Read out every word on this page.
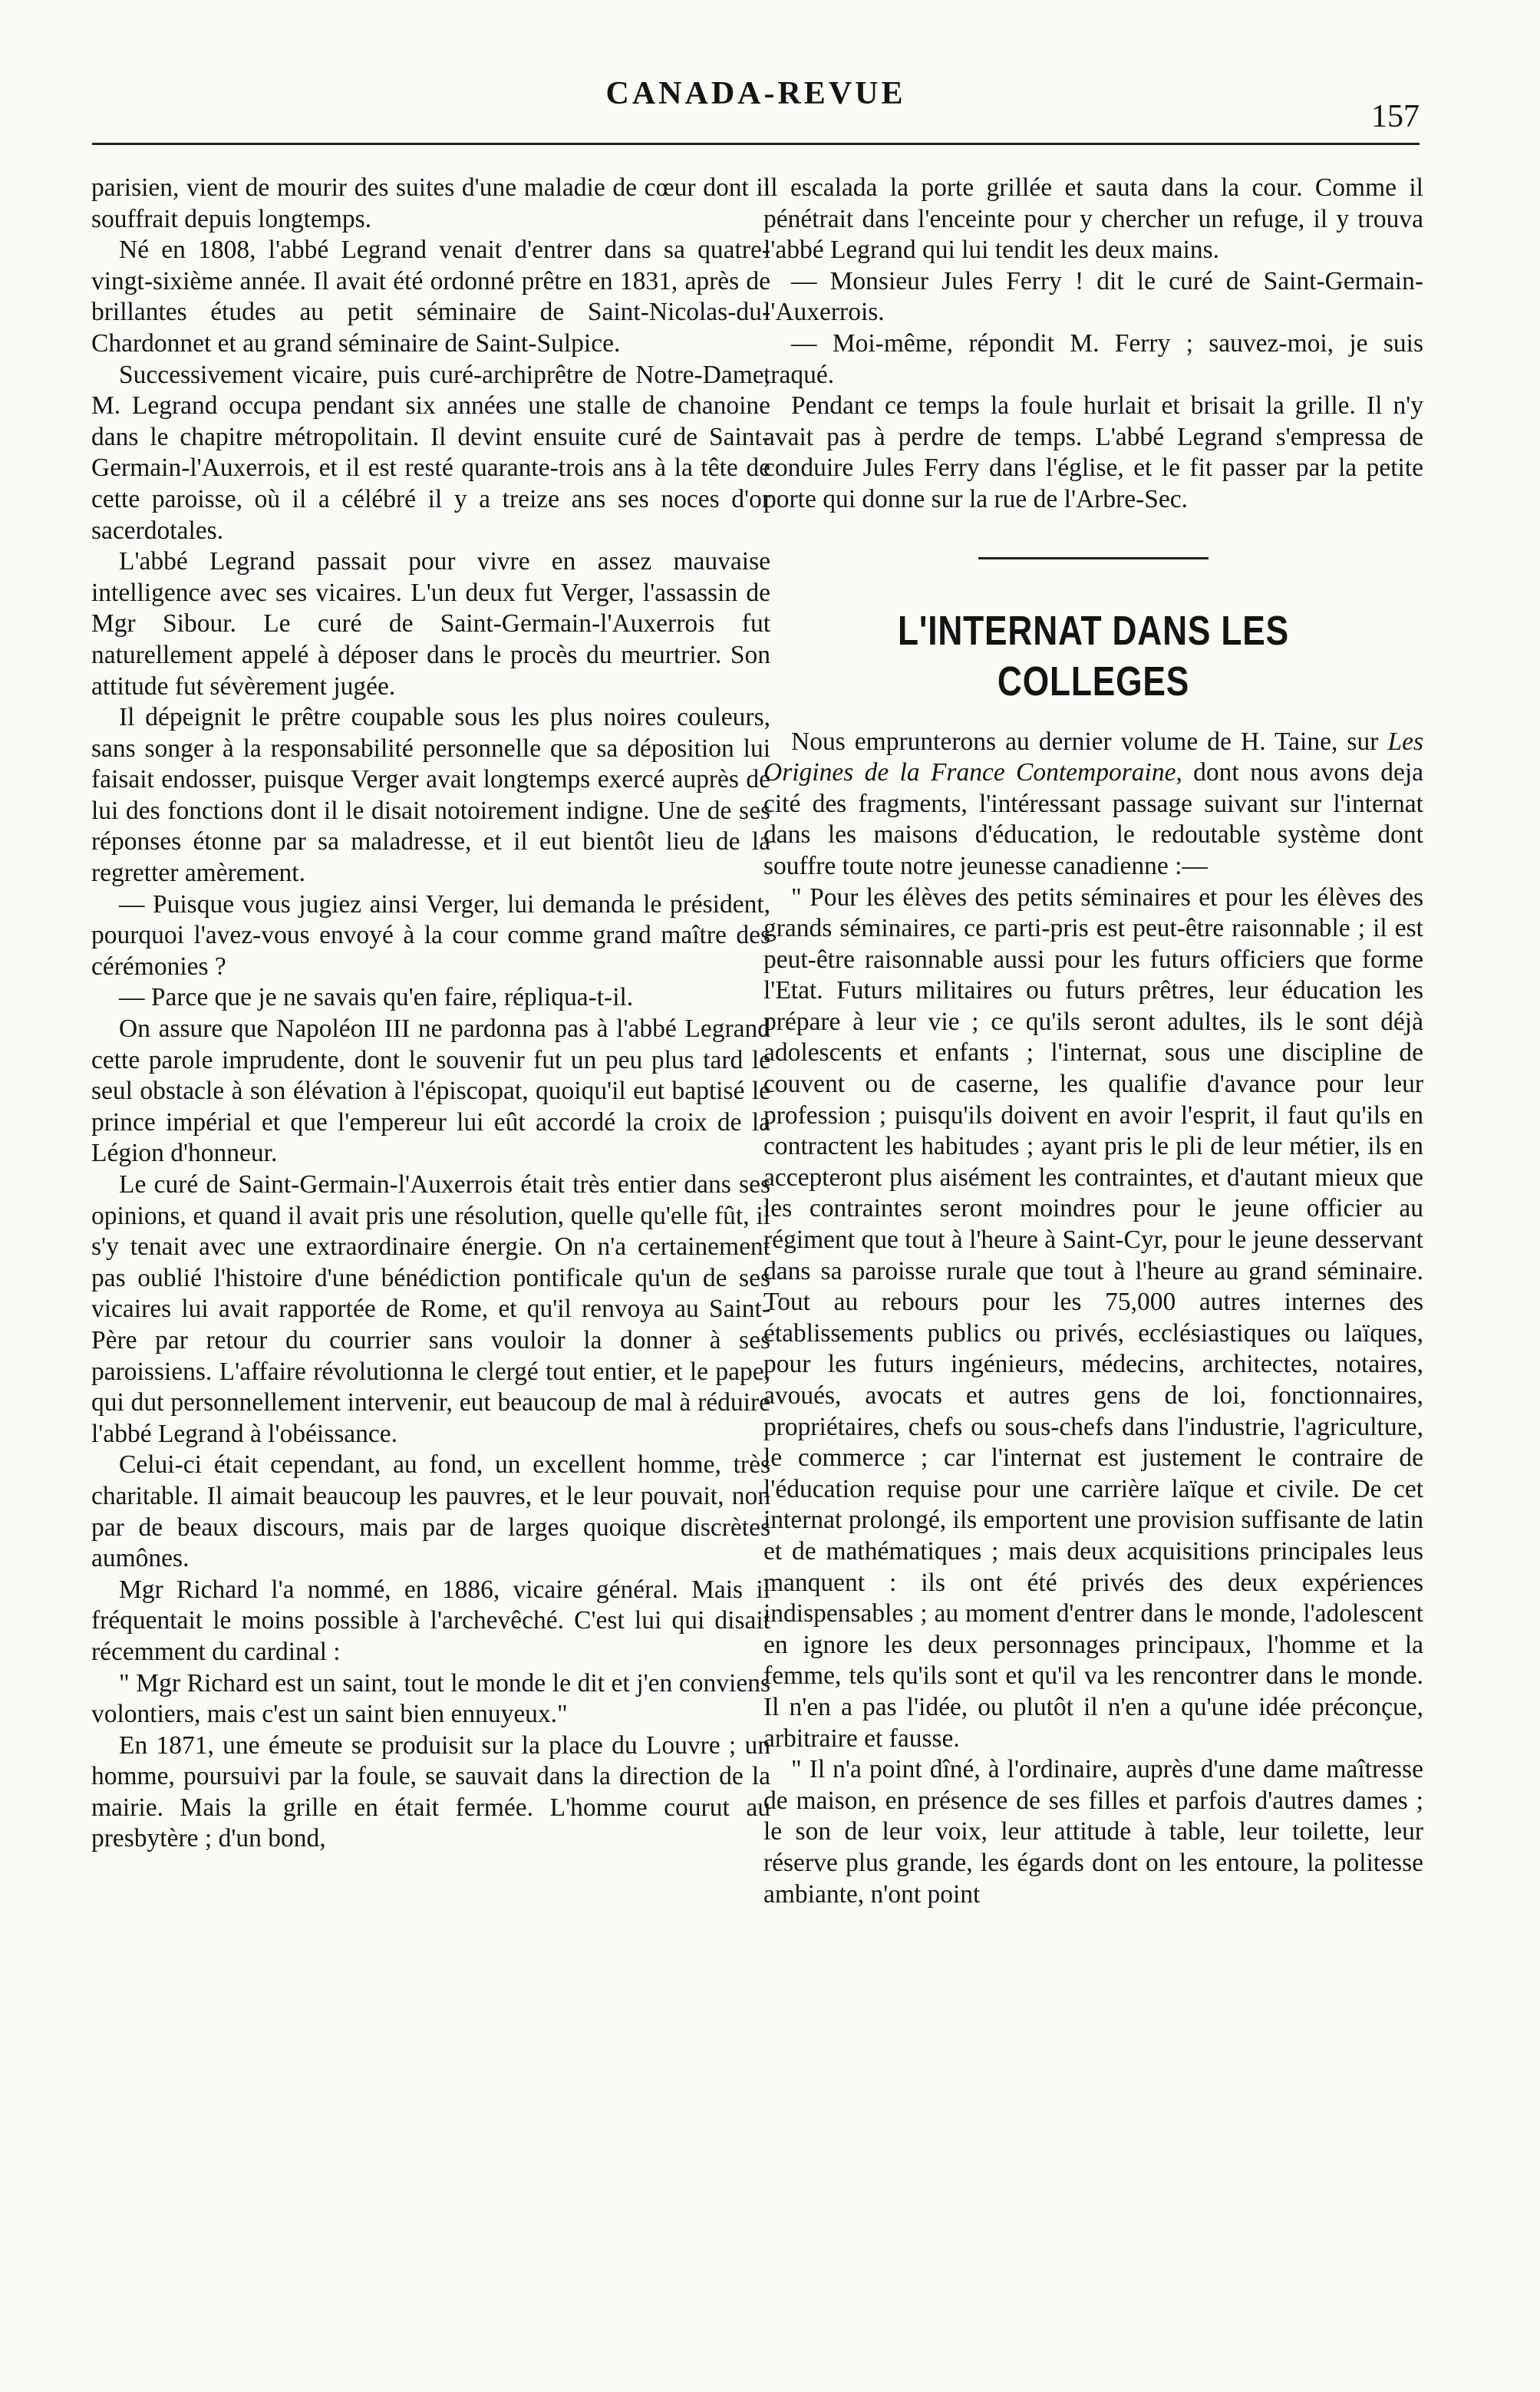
CANADA-REVUE
157

parisien, vient de mourir des suites d'une maladie de cœur dont il souffrait depuis longtemps.

Né en 1808, l'abbé Legrand venait d'entrer dans sa quatre-vingt-sixième année. Il avait été ordonné prêtre en 1831, après de brillantes études au petit séminaire de Saint-Nicolas-du-Chardonnet et au grand séminaire de Saint-Sulpice.

Successivement vicaire, puis curé-archiprêtre de Notre-Dame, M. Legrand occupa pendant six années une stalle de chanoine dans le chapitre métropolitain. Il devint ensuite curé de Saint-Germain-l'Auxerrois, et il est resté quarante-trois ans à la tête de cette paroisse, où il a célébré il y a treize ans ses noces d'or sacerdotales.

L'abbé Legrand passait pour vivre en assez mauvaise intelligence avec ses vicaires. L'un deux fut Verger, l'assassin de Mgr Sibour. Le curé de Saint-Germain-l'Auxerrois fut naturellement appelé à déposer dans le procès du meurtrier. Son attitude fut sévèrement jugée.

Il dépeignit le prêtre coupable sous les plus noires couleurs, sans songer à la responsabilité personnelle que sa déposition lui faisait endosser, puisque Verger avait longtemps exercé auprès de lui des fonctions dont il le disait notoirement indigne. Une de ses réponses étonne par sa maladresse, et il eut bientôt lieu de la regretter amèrement.

— Puisque vous jugiez ainsi Verger, lui demanda le président, pourquoi l'avez-vous envoyé à la cour comme grand maître des cérémonies ?

— Parce que je ne savais qu'en faire, répliqua-t-il.

On assure que Napoléon III ne pardonna pas à l'abbé Legrand cette parole imprudente, dont le souvenir fut un peu plus tard le seul obstacle à son élévation à l'épiscopat, quoiqu'il eut baptisé le prince impérial et que l'empereur lui eût accordé la croix de la Légion d'honneur.

Le curé de Saint-Germain-l'Auxerrois était très entier dans ses opinions, et quand il avait pris une résolution, quelle qu'elle fût, il s'y tenait avec une extraordinaire énergie. On n'a certainement pas oublié l'histoire d'une bénédiction pontificale qu'un de ses vicaires lui avait rapportée de Rome, et qu'il renvoya au Saint-Père par retour du courrier sans vouloir la donner à ses paroissiens. L'affaire révolutionna le clergé tout entier, et le pape, qui dut personnellement intervenir, eut beaucoup de mal à réduire l'abbé Legrand à l'obéissance.

Celui-ci était cependant, au fond, un excellent homme, très charitable. Il aimait beaucoup les pauvres, et le leur pouvait, non par de beaux discours, mais par de larges quoique discrètes aumônes.

Mgr Richard l'a nommé, en 1886, vicaire général. Mais il fréquentait le moins possible à l'archevêché. C'est lui qui disait récemment du cardinal :

" Mgr Richard est un saint, tout le monde le dit et j'en conviens volontiers, mais c'est un saint bien ennuyeux."

En 1871, une émeute se produisit sur la place du Louvre ; un homme, poursuivi par la foule, se sauvait dans la direction de la mairie. Mais la grille en était fermée. L'homme courut au presbytère ; d'un bond,

il escalada la porte grillée et sauta dans la cour. Comme il pénétrait dans l'enceinte pour y chercher un refuge, il y trouva l'abbé Legrand qui lui tendit les deux mains.

— Monsieur Jules Ferry ! dit le curé de Saint-Germain-l'Auxerrois.

— Moi-même, répondit M. Ferry ; sauvez-moi, je suis traqué.

Pendant ce temps la foule hurlait et brisait la grille. Il n'y avait pas à perdre de temps. L'abbé Legrand s'empressa de conduire Jules Ferry dans l'église, et le fit passer par la petite porte qui donne sur la rue de l'Arbre-Sec.

L'INTERNAT DANS LES COLLEGES

Nous emprunterons au dernier volume de H. Taine, sur Les Origines de la France Contemporaine, dont nous avons deja cité des fragments, l'intéressant passage suivant sur l'internat dans les maisons d'éducation, le redoutable système dont souffre toute notre jeunesse canadienne :—

" Pour les élèves des petits séminaires et pour les élèves des grands séminaires, ce parti-pris est peut-être raisonnable ; il est peut-être raisonnable aussi pour les futurs officiers que forme l'Etat. Futurs militaires ou futurs prêtres, leur éducation les prépare à leur vie ; ce qu'ils seront adultes, ils le sont déjà adolescents et enfants ; l'internat, sous une discipline de couvent ou de caserne, les qualifie d'avance pour leur profession ; puisqu'ils doivent en avoir l'esprit, il faut qu'ils en contractent les habitudes ; ayant pris le pli de leur métier, ils en accepteront plus aisément les contraintes, et d'autant mieux que les contraintes seront moindres pour le jeune officier au régiment que tout à l'heure à Saint-Cyr, pour le jeune desservant dans sa paroisse rurale que tout à l'heure au grand séminaire. Tout au rebours pour les 75,000 autres internes des établissements publics ou privés, ecclésiastiques ou laïques, pour les futurs ingénieurs, médecins, architectes, notaires, avoués, avocats et autres gens de loi, fonctionnaires, propriétaires, chefs ou sous-chefs dans l'industrie, l'agriculture, le commerce ; car l'internat est justement le contraire de l'éducation requise pour une carrière laïque et civile. De cet internat prolongé, ils emportent une provision suffisante de latin et de mathématiques ; mais deux acquisitions principales leus manquent : ils ont été privés des deux expériences indispensables ; au moment d'entrer dans le monde, l'adolescent en ignore les deux personnages principaux, l'homme et la femme, tels qu'ils sont et qu'il va les rencontrer dans le monde. Il n'en a pas l'idée, ou plutôt il n'en a qu'une idée préconçue, arbitraire et fausse.

" Il n'a point dîné, à l'ordinaire, auprès d'une dame maîtresse de maison, en présence de ses filles et parfois d'autres dames ; le son de leur voix, leur attitude à table, leur toilette, leur réserve plus grande, les égards dont on les entoure, la politesse ambiante, n'ont point
